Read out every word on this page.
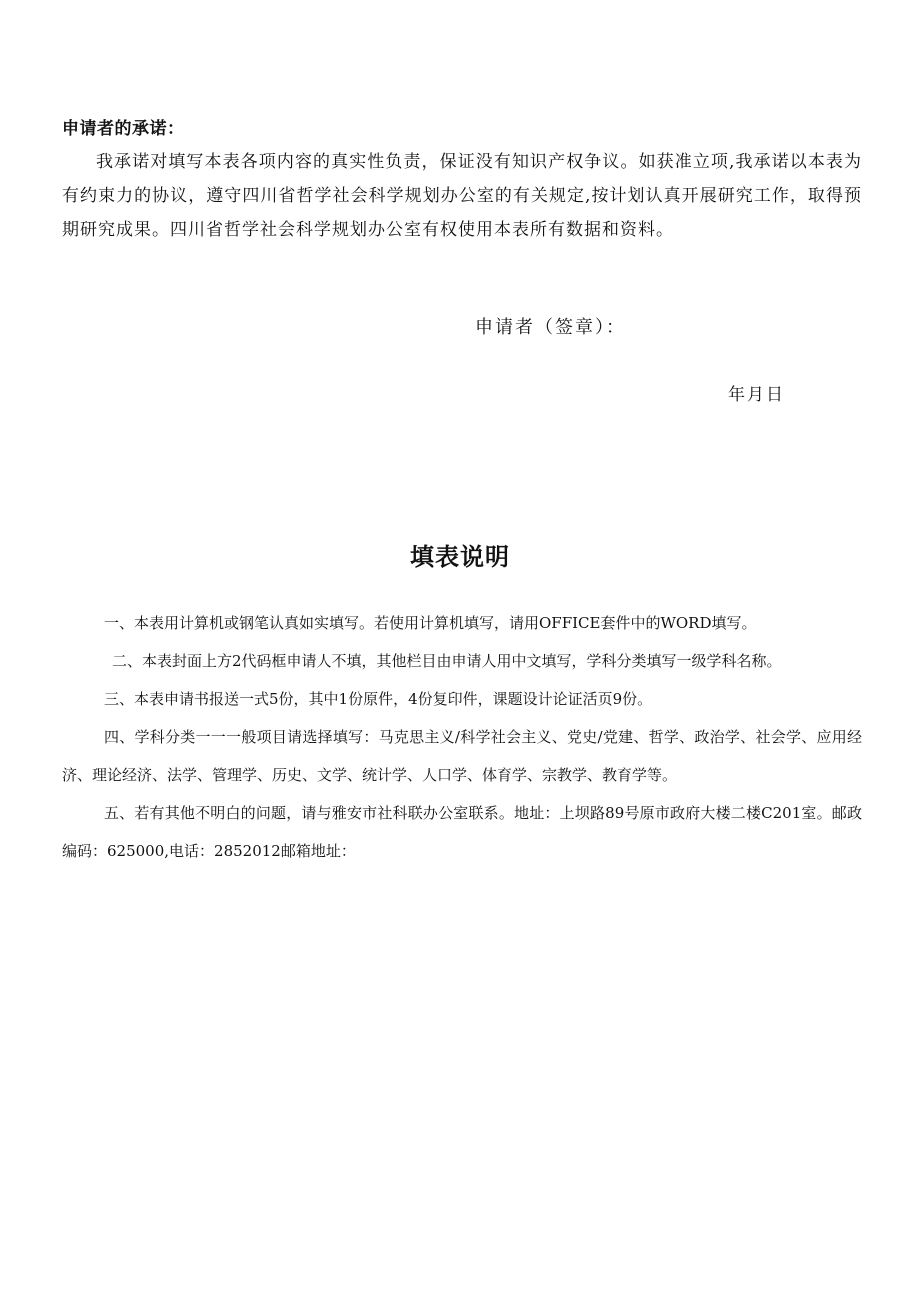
申请者的承诺：

我承诺对填写本表各项内容的真实性负责，保证没有知识产权争议。如获准立项,我承诺以本表为有约束力的协议，遵守四川省哲学社会科学规划办公室的有关规定,按计划认真开展研究工作，取得预期研究成果。四川省哲学社会科学规划办公室有权使用本表所有数据和资料。

申请者（签章）：

年月日

填表说明

一、本表用计算机或钢笔认真如实填写。若使用计算机填写，请用OFFICE套件中的WORD填写。

二、本表封面上方2代码框申请人不填，其他栏目由申请人用中文填写，学科分类填写一级学科名称。

三、本表申请书报送一式5份，其中1份原件，4份复印件，课题设计论证活页9份。

四、学科分类一一一般项目请选择填写：马克思主义/科学社会主义、党史/党建、哲学、政治学、社会学、应用经济、理论经济、法学、管理学、历史、文学、统计学、人口学、体育学、宗教学、教育学等。

五、若有其他不明白的问题，请与雅安市社科联办公室联系。地址：上坝路89号原市政府大楼二楼C201室。邮政编码：625000,电话：2852012邮箱地址：
